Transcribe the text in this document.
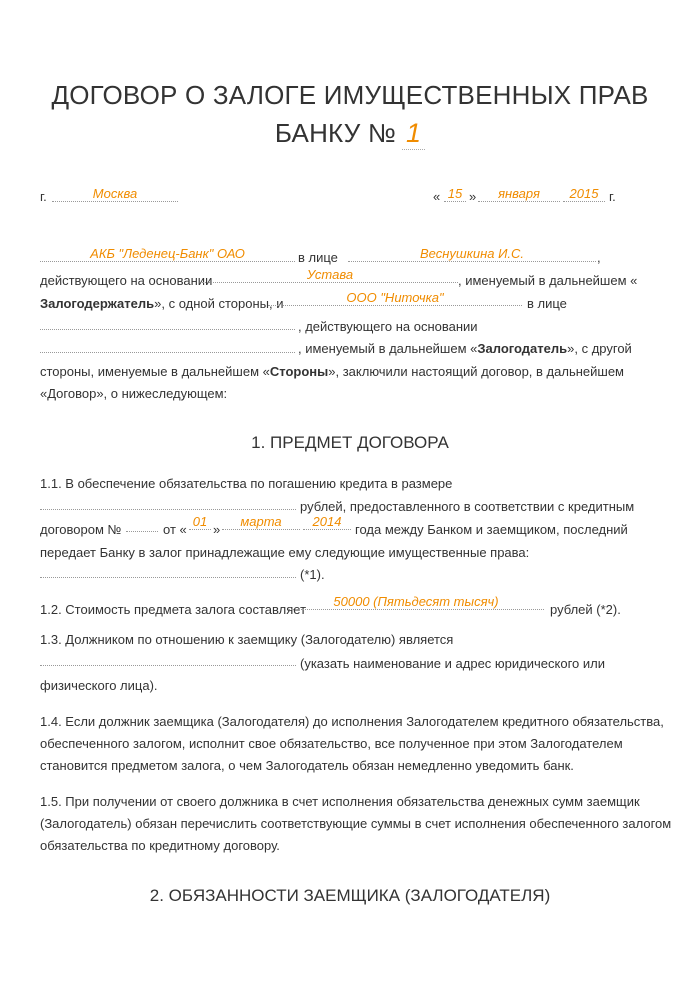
ДОГОВОР О ЗАЛОГЕ ИМУЩЕСТВЕННЫХ ПРАВ
БАНКУ № 1
г.	Москва	« 15 »	января	2015 г.
АКБ "Леденец-Банк" ОАО	в лице	Веснушкина И.С.	,
действующего на основании	Устава	, именуемый в дальнейшем «
Залогодержатель», с одной стороны, и	ООО "Ниточка"	в лице
, действующего на основании
, именуемый в дальнейшем «Залогодатель», с другой
стороны, именуемые в дальнейшем «Стороны», заключили настоящий договор, в дальнейшем
«Договор», о нижеследующем:
1. ПРЕДМЕТ ДОГОВОРА
1.1. В обеспечение обязательства по погашению кредита в размере
рублей, предоставленного в соответствии с кредитным
договором №	от «
01
»
марта	2014
года между Банком и заемщиком, последний
передает Банку в залог принадлежащие ему следующие имущественные права:
(*1).
1.2. Стоимость предмета залога составляет
50000 (Пятьдесят тысяч)
рублей (*2).
1.3. Должником по отношению к заемщику (Залогодателю) является
(указать наименование и адрес юридического или
физического лица).
1.4. Если должник заемщика (Залогодателя) до исполнения Залогодателем кредитного обязательства,
обеспеченного залогом, исполнит свое обязательство, все полученное при этом Залогодателем
становится предметом залога, о чем Залогодатель обязан немедленно уведомить банк.
1.5. При получении от своего должника в счет исполнения обязательства денежных сумм заемщик
(Залогодатель) обязан перечислить соответствующие суммы в счет исполнения обеспеченного залогом
обязательства по кредитному договору.
2. ОБЯЗАННОСТИ ЗАЕМЩИКА (ЗАЛОГОДАТЕЛЯ)
